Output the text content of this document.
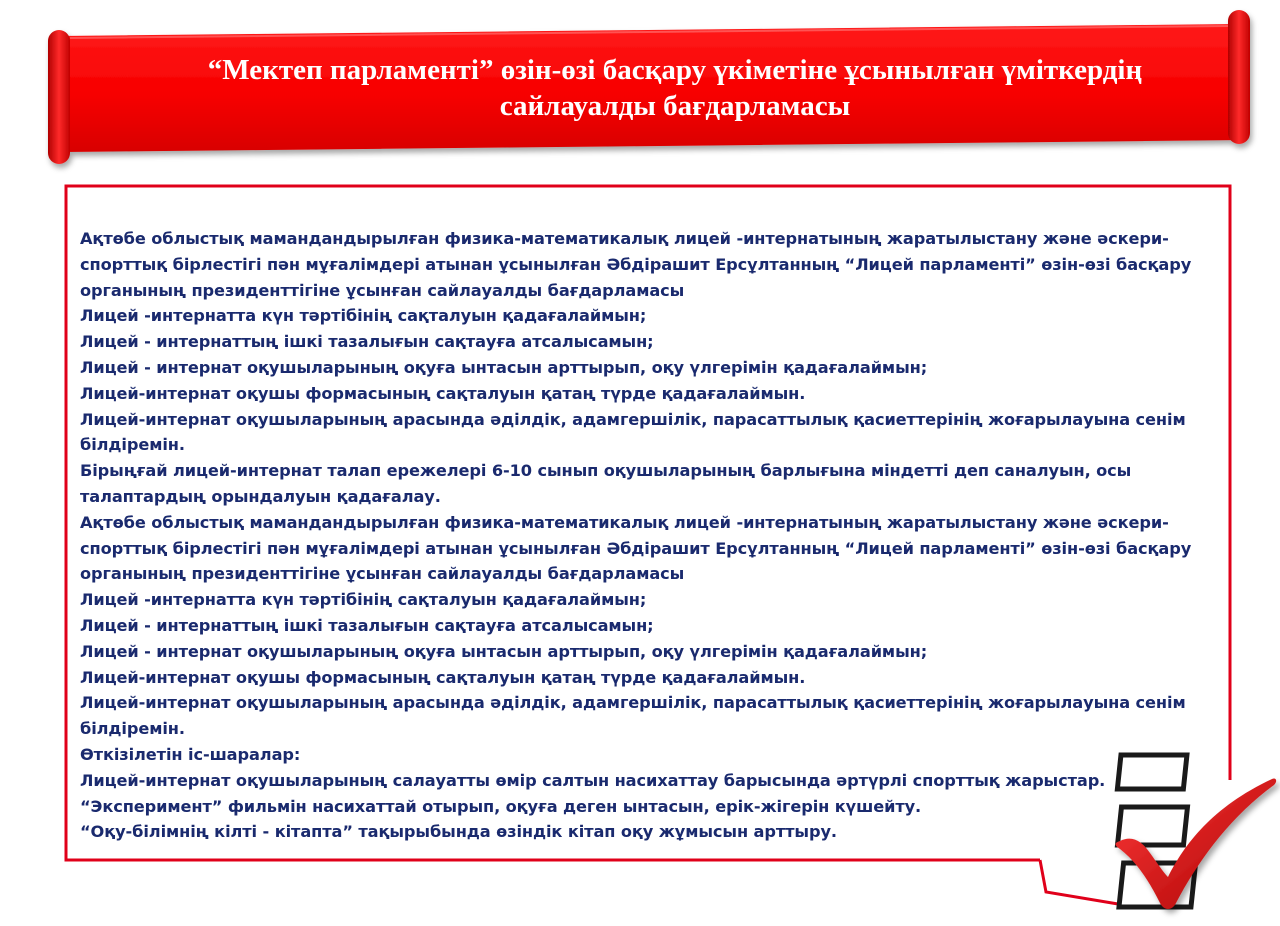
“Мектеп парламенті” өзін-өзі басқару үкіметіне ұсынылған үміткердің
сайлауалды бағдарламасы

Ақтөбе облыстық мамандандырылған физика-математикалық лицей -интернатының жаратылыстану және әскери-спорттық бірлестігі пән мұғалімдері атынан ұсынылған Әбдірашит Ерсұлтанның “Лицей парламенті” өзін-өзі басқару органының президенттігіне ұсынған сайлауалды бағдарламасы

Лицей -интернатта күн тәртібінің сақталуын қадағалаймын;

Лицей - интернаттың ішкі тазалығын сақтауға атсалысамын;

Лицей - интернат оқушыларының оқуға ынтасын арттырып, оқу үлгерімін қадағалаймын;

Лицей-интернат оқушы формасының сақталуын қатаң түрде қадағалаймын.

Лицей-интернат оқушыларының арасында әділдік, адамгершілік, парасаттылық қасиеттерінің жоғарылауына сенім білдіремін.

Бірыңғай лицей-интернат талап ережелері 6-10 сынып оқушыларының барлығына міндетті деп саналуын, осы талаптардың орындалуын қадағалау.

Ақтөбе облыстық мамандандырылған физика-математикалық лицей -интернатының жаратылыстану және әскери-спорттық бірлестігі пән мұғалімдері атынан ұсынылған Әбдірашит Ерсұлтанның “Лицей парламенті” өзін-өзі басқару органының президенттігіне ұсынған сайлауалды бағдарламасы

Лицей -интернатта күн тәртібінің сақталуын қадағалаймын;

Лицей - интернаттың ішкі тазалығын сақтауға атсалысамын;

Лицей - интернат оқушыларының оқуға ынтасын арттырып, оқу үлгерімін қадағалаймын;

Лицей-интернат оқушы формасының сақталуын қатаң түрде қадағалаймын.

Лицей-интернат оқушыларының арасында әділдік, адамгершілік, парасаттылық қасиеттерінің жоғарылауына сенім білдіремін.

Өткізілетін іс-шаралар:

Лицей-интернат оқушыларының салауатты өмір салтын насихаттау барысында әртүрлі спорттық жарыстар.

“Эксперимент” фильмін насихаттай отырып, оқуға деген ынтасын, ерік-жігерін күшейту.

“Оқу-білімнің кілті - кітапта” тақырыбында өзіндік кітап оқу жұмысын арттыру.
